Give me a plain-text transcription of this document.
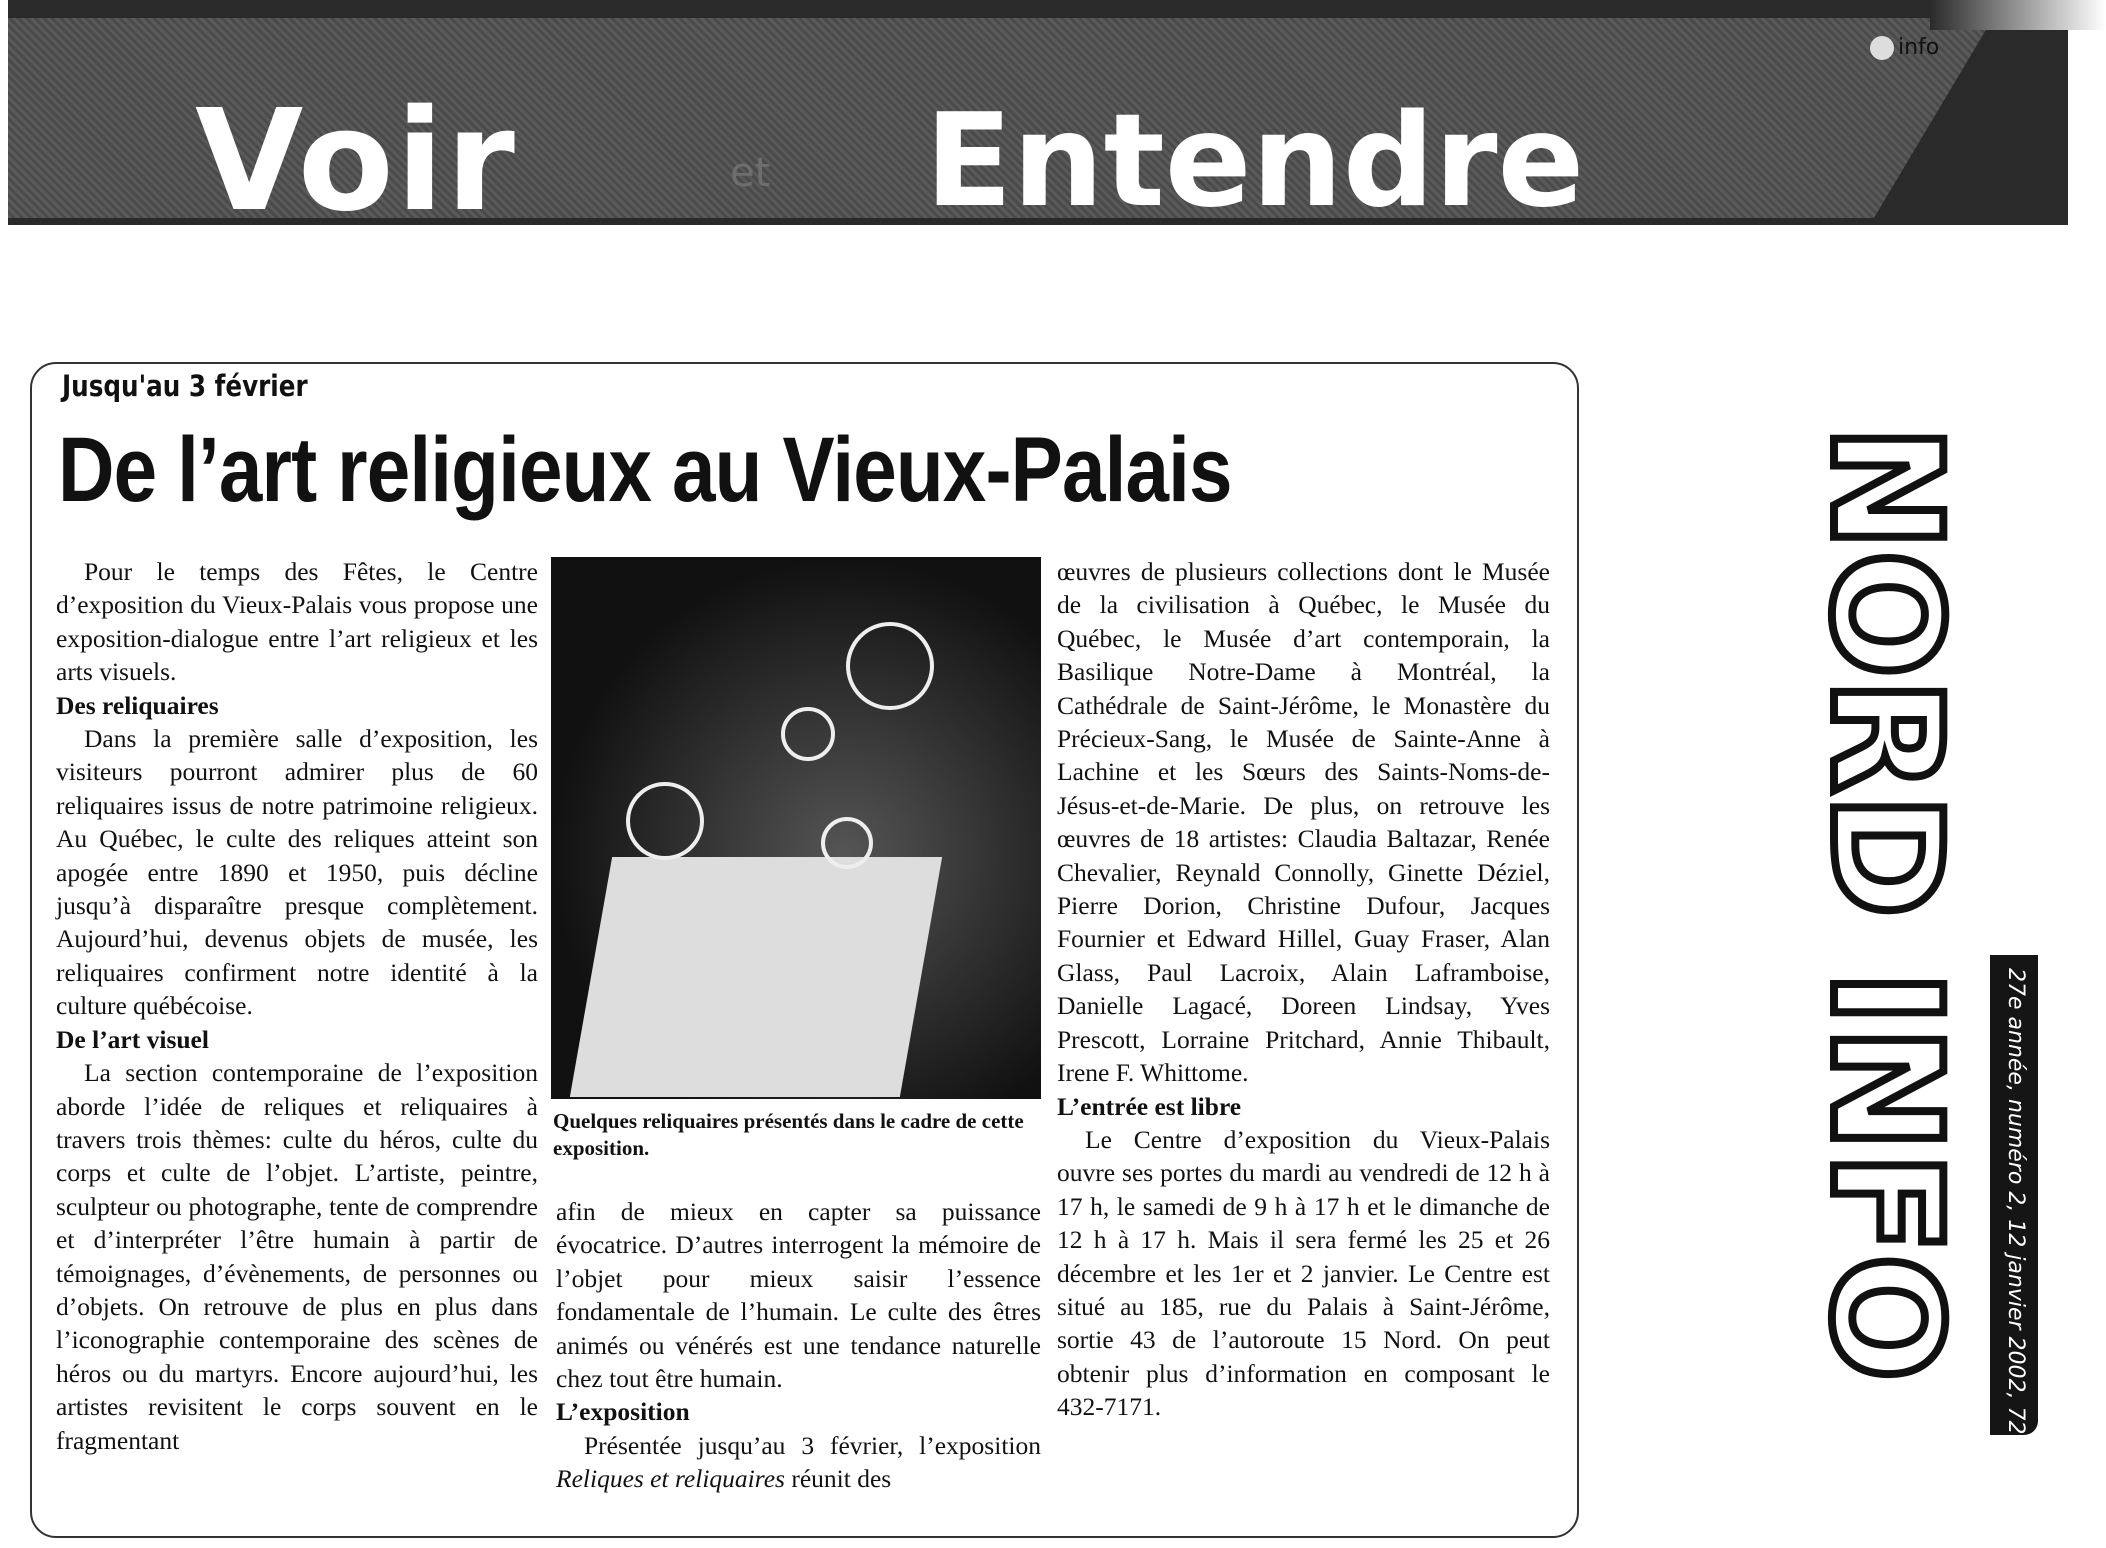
Voir	et Entendre
info
Jusqu'au 3 février
De l’art religieux au Vieux-Palais

Pour le temps des Fêtes, le Centre d’exposition du Vieux-Palais vous propose une exposition-dialogue entre l’art religieux et les arts visuels.

Des reliquaires

Dans la première salle d’exposition, les visiteurs pourront admirer plus de 60 reliquaires issus de notre patrimoine religieux. Au Québec, le culte des reliques atteint son apogée entre 1890 et 1950, puis décline jusqu’à disparaître presque complètement. Aujourd’hui, devenus objets de musée, les reliquaires confirment notre identité à la culture québécoise.

De l’art visuel

La section contemporaine de l’exposition aborde l’idée de reliques et reliquaires à travers trois thèmes: culte du héros, culte du corps et culte de l’objet. L’artiste, peintre, sculpteur ou photographe, tente de comprendre et d’interpréter l’être humain à partir de témoignages, d’évènements, de personnes ou d’objets. On retrouve de plus en plus dans l’iconographie contemporaine des scènes de héros ou du martyrs. Encore aujourd’hui, les artistes revisitent le corps souvent en le fragmentant

Quelques reliquaires présentés dans le cadre de cette exposition.

afin de mieux en capter sa puissance évocatrice. D’autres interrogent la mémoire de l’objet pour mieux saisir l’essence fondamentale de l’humain. Le culte des êtres animés ou vénérés est une tendance naturelle chez tout être humain.

L’exposition

Présentée jusqu’au 3 février, l’exposition Reliques et reliquaires réunit des

œuvres de plusieurs collections dont le Musée de la civilisation à Québec, le Musée du Québec, le Musée d’art contemporain, la Basilique Notre-Dame à Montréal, la Cathédrale de Saint-Jérôme, le Monastère du Précieux-Sang, le Musée de Sainte-Anne à Lachine et les Sœurs des Saints-Noms-de-Jésus-et-de-Marie. De plus, on retrouve les œuvres de 18 artistes: Claudia Baltazar, Renée Chevalier, Reynald Connolly, Ginette Déziel, Pierre Dorion, Christine Dufour, Jacques Fournier et Edward Hillel, Guay Fraser, Alan Glass, Paul Lacroix, Alain Laframboise, Danielle Lagacé, Doreen Lindsay, Yves Prescott, Lorraine Pritchard, Annie Thibault, Irene F. Whittome.

L’entrée est libre

Le Centre d’exposition du Vieux-Palais ouvre ses portes du mardi au vendredi de 12 h à 17 h, le samedi de 9 h à 17 h et le dimanche de 12 h à 17 h. Mais il sera fermé les 25 et 26 décembre et les 1er et 2 janvier. Le Centre est situé au 185, rue du Palais à Saint-Jérôme, sortie 43 de l’autoroute 15 Nord. On peut obtenir plus d’information en composant le 432-7171.

NORD INFO	27e année, numéro 2, 12 janvier 2002, 72 pages
